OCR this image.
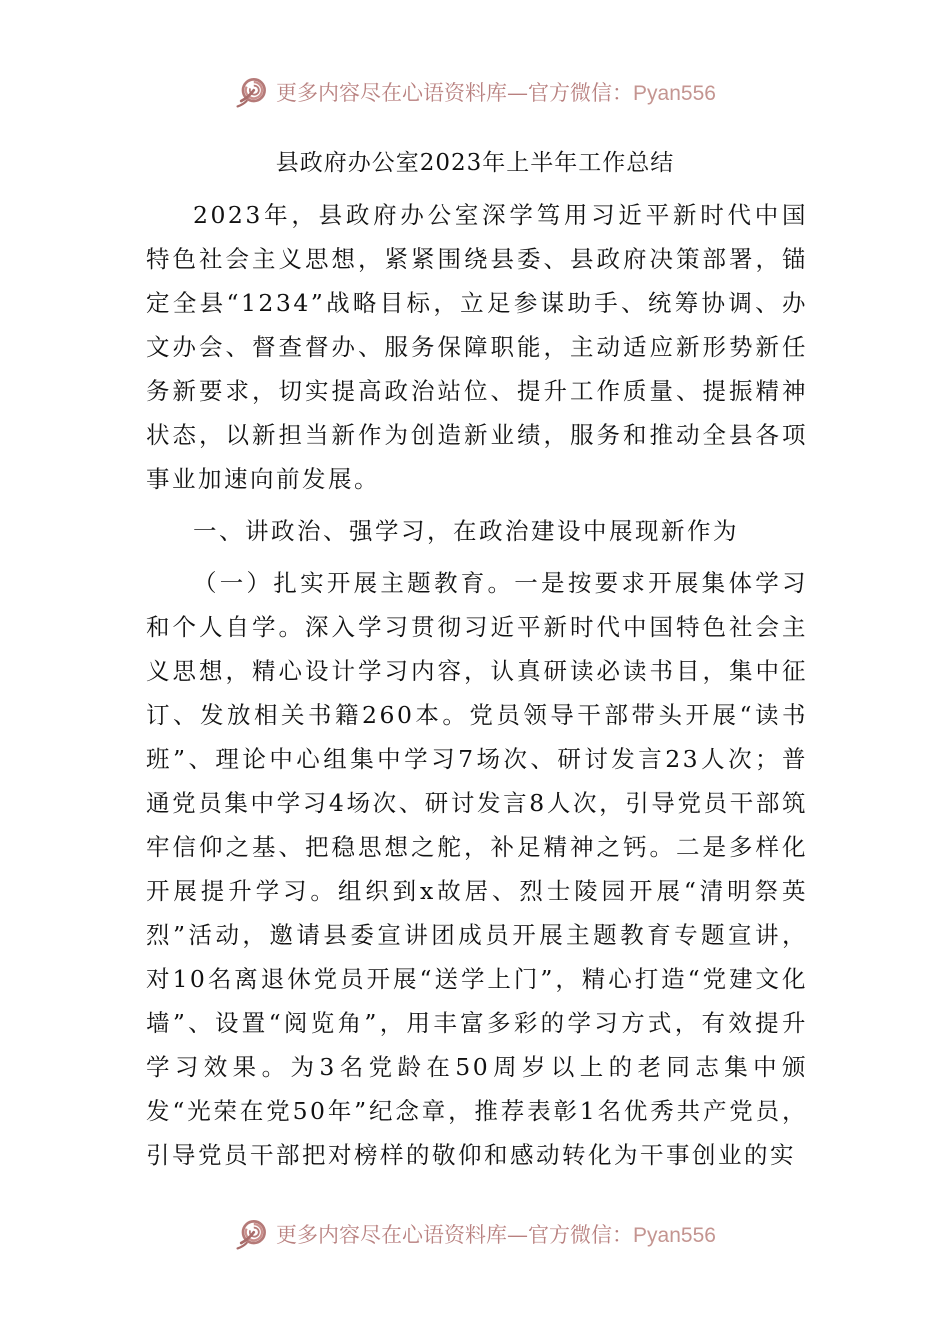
更多内容尽在心语资料库—官方微信：Pyan556
县政府办公室2023年上半年工作总结

2023年，县政府办公室深学笃用习近平新时代中国特色社会主义思想，紧紧围绕县委、县政府决策部署，锚定全县“1234”战略目标，立足参谋助手、统筹协调、办文办会、督查督办、服务保障职能，主动适应新形势新任务新要求，切实提高政治站位、提升工作质量、提振精神状态，以新担当新作为创造新业绩，服务和推动全县各项事业加速向前发展。

一、讲政治、强学习，在政治建设中展现新作为

（一）扎实开展主题教育。一是按要求开展集体学习和个人自学。深入学习贯彻习近平新时代中国特色社会主义思想，精心设计学习内容，认真研读必读书目，集中征订、发放相关书籍260本。党员领导干部带头开展“读书班”、理论中心组集中学习7场次、研讨发言23人次；普通党员集中学习4场次、研讨发言8人次，引导党员干部筑牢信仰之基、把稳思想之舵，补足精神之钙。二是多样化开展提升学习。组织到x故居、烈士陵园开展“清明祭英烈”活动，邀请县委宣讲团成员开展主题教育专题宣讲，对10名离退休党员开展“送学上门”，精心打造“党建文化墙”、设置“阅览角”，用丰富多彩的学习方式，有效提升学习效果。为3名党龄在50周岁以上的老同志集中颁发“光荣在党50年”纪念章，推荐表彰1名优秀共产党员，引导党员干部把对榜样的敬仰和感动转化为干事创业的实

更多内容尽在心语资料库—官方微信：Pyan556
